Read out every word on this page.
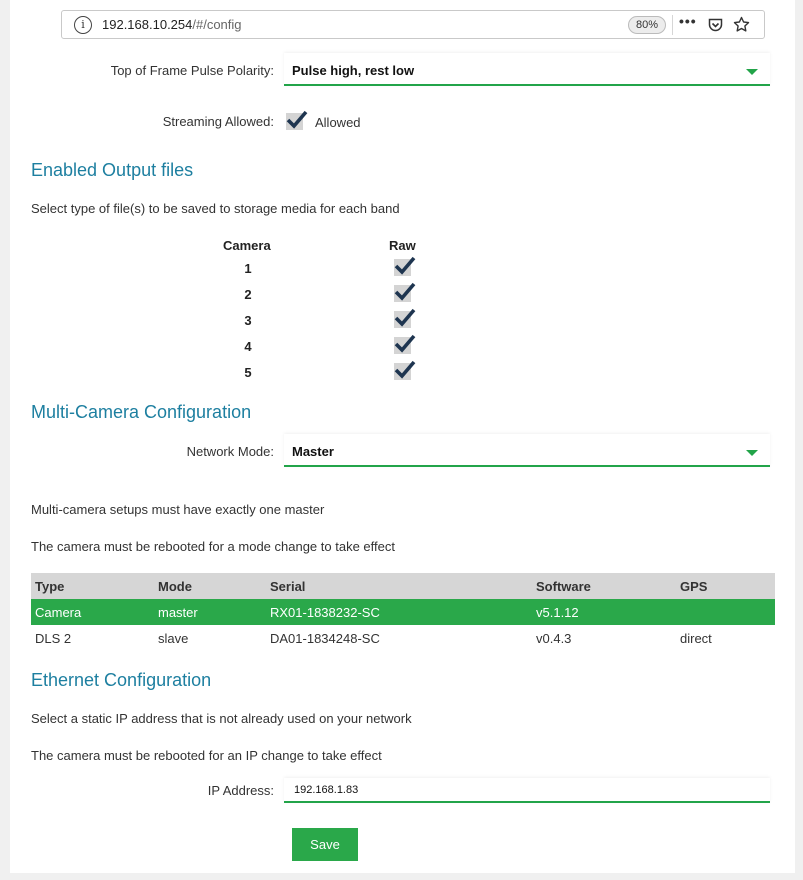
i	192.168.10.254/#/config	80%	•••
Top of Frame Pulse Polarity: Pulse high, rest low
Streaming Allowed:	Allowed
Enabled Output files
Select type of file(s) to be saved to storage media for each band
Camera	Raw
1
2
3
4
5
Multi-Camera Configuration
Network Mode: Master
Multi-camera setups must have exactly one master
The camera must be rebooted for a mode change to take effect
Type	Mode	Serial	Software	GPS
Camera	master	RX01-1838232-SC	v5.1.12
DLS 2	slave	DA01-1834248-SC	v0.4.3	direct
Ethernet Configuration
Select a static IP address that is not already used on your network
The camera must be rebooted for an IP change to take effect
IP Address:
192.168.1.83
Save
